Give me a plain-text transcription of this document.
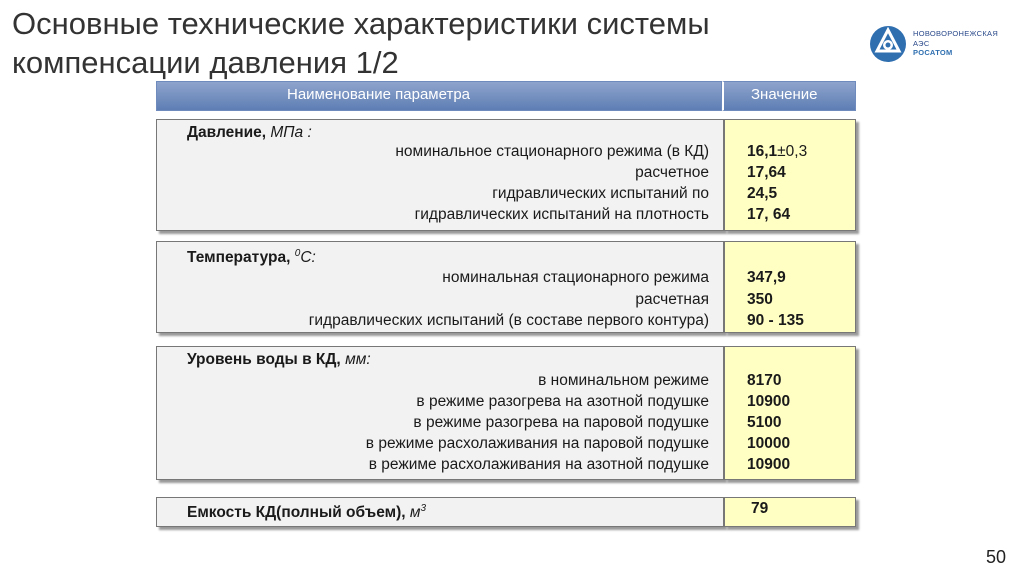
Основные технические характеристики системы компенсации давления 1/2
НОВОВОРОНЕЖСКАЯ
АЭС
РОСАТОМ
Наименование параметра	Значение
Давление, МПа :
номинальное стационарного режима (в КД)
расчетное
гидравлических испытаний по
гидравлических испытаний на плотность
16,1±0,3
17,64
24,5
17, 64
Температура, $^0$С:
номинальная стационарного режима
расчетная
гидравлических испытаний (в составе первого контура)
347,9
350
90 - 135
Уровень воды в КД, мм:
в номинальном режиме
в режиме разогрева на азотной подушке
в режиме разогрева на паровой подушке
в режиме расхолаживания на паровой подушке
в режиме расхолаживания на азотной подушке
8170
10900
5100
10000
10900
Емкость КД(полный объем), $м^3$	79
50
